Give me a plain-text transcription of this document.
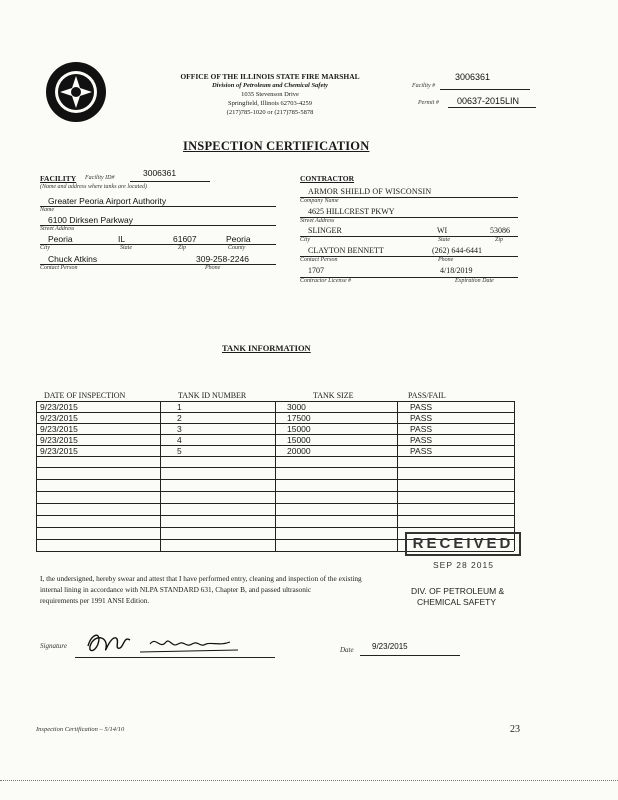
OFFICE OF THE ILLINOIS STATE FIRE MARSHAL
Division of Petroleum and Chemical Safety
1035 Stevenson Drive
Springfield, Illinois 62703-4259
(217)785-1020 or (217)785-5878
Facility #
3006361
Permit # 00637-2015LIN
INSPECTION CERTIFICATION
FACILITY Facility ID#	3006361
(Name and address where tanks are located)
Greater Peoria Airport Authority
Name
6100 Dirksen Parkway
Street Address
Peoria	IL	61607	Peoria
City	State	Zip	County
Chuck Atkins	309-258-2246
Contact Person	Phone
CONTRACTOR
ARMOR SHIELD OF WISCONSIN
Company Name
4625 HILLCREST PKWY
Street Address
SLINGER	WI	53086
City	State	Zip
CLAYTON BENNETT	(262) 644-6441
Contact Person	Phone
1707	4/18/2019
Contractor License #	Expiration Date
TANK INFORMATION
DATE OF INSPECTION	TANK ID NUMBER	TANK SIZE	PASS/FAIL
9/23/2015	1	3000	PASS
9/23/2015	2	17500	PASS
9/23/2015	3	15000	PASS
9/23/2015	4	15000	PASS
9/23/2015	5	20000	PASS
RECEIVED
SEP 28 2015
DIV. OF PETROLEUM &
CHEMICAL SAFETY
I, the undersigned, hereby swear and attest that I have performed entry, cleaning and inspection of the existing
internal lining in accordance with NLPA STANDARD 631, Chapter B, and passed ultrasonic
requirements per 1991 ANSI Edition.
Signature	Date 9/23/2015
Inspection Certification – 5/14/10	23
